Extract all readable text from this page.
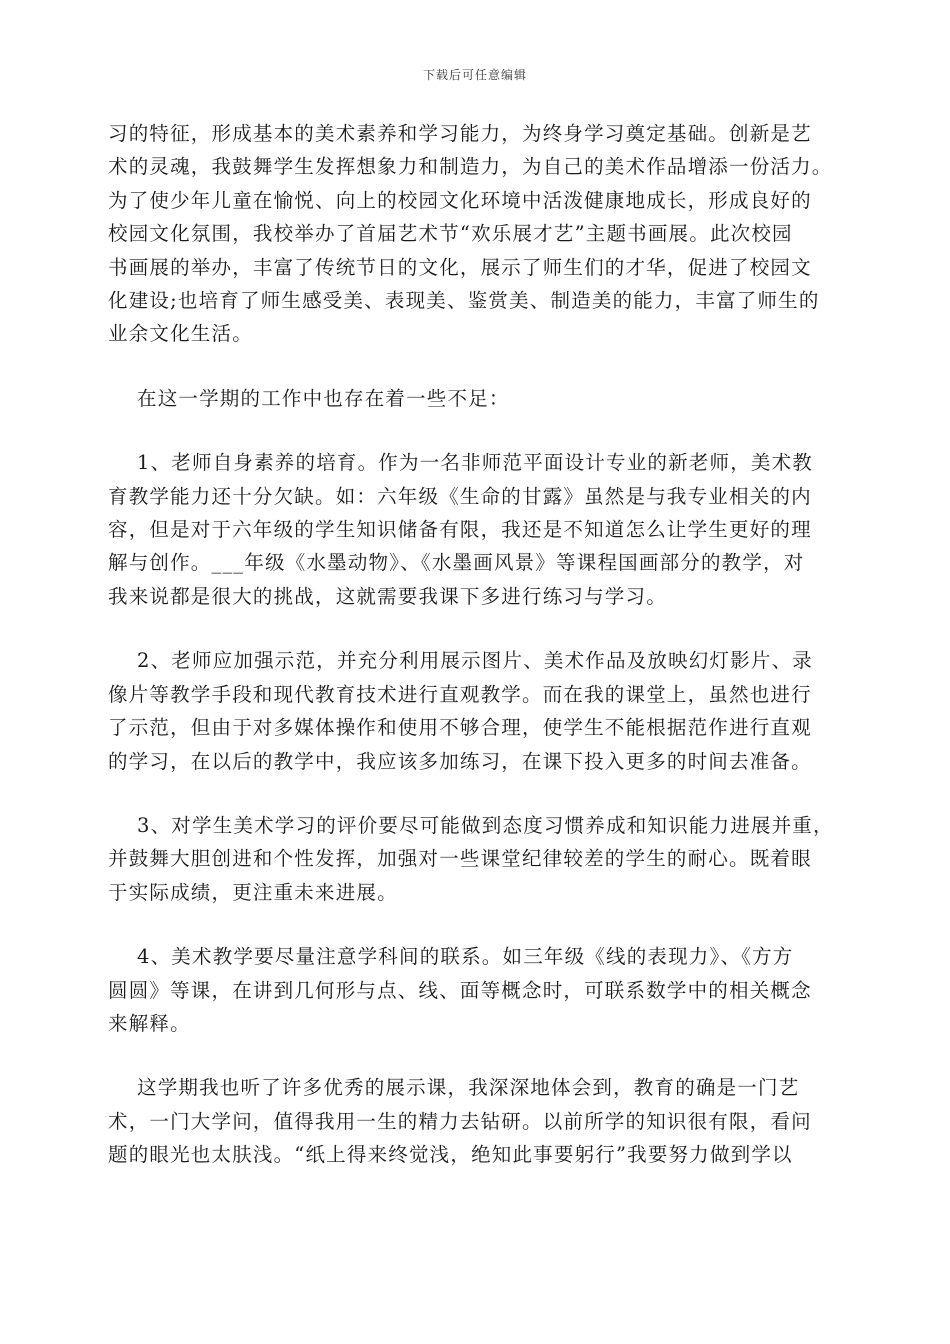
下载后可任意编辑

习的特征，形成基本的美术素养和学习能力，为终身学习奠定基础。创新是艺
术的灵魂，我鼓舞学生发挥想象力和制造力，为自己的美术作品增添一份活力。
为了使少年儿童在愉悦、向上的校园文化环境中活泼健康地成长，形成良好的
校园文化氛围，我校举办了首届艺术节“欢乐展才艺”主题书画展。此次校园
书画展的举办，丰富了传统节日的文化，展示了师生们的才华，促进了校园文
化建设;也培育了师生感受美、表现美、鉴赏美、制造美的能力，丰富了师生的
业余文化生活。

在这一学期的工作中也存在着一些不足：

1、老师自身素养的培育。作为一名非师范平面设计专业的新老师，美术教
育教学能力还十分欠缺。如：六年级《生命的甘露》虽然是与我专业相关的内
容，但是对于六年级的学生知识储备有限，我还是不知道怎么让学生更好的理
解与创作。___年级《水墨动物》、《水墨画风景》等课程国画部分的教学，对
我来说都是很大的挑战，这就需要我课下多进行练习与学习。

2、老师应加强示范，并充分利用展示图片、美术作品及放映幻灯影片、录
像片等教学手段和现代教育技术进行直观教学。而在我的课堂上，虽然也进行
了示范，但由于对多媒体操作和使用不够合理，使学生不能根据范作进行直观
的学习，在以后的教学中，我应该多加练习，在课下投入更多的时间去准备。

3、对学生美术学习的评价要尽可能做到态度习惯养成和知识能力进展并重，
并鼓舞大胆创进和个性发挥，加强对一些课堂纪律较差的学生的耐心。既着眼
于实际成绩，更注重未来进展。

4、美术教学要尽量注意学科间的联系。如三年级《线的表现力》、《方方
圆圆》等课，在讲到几何形与点、线、面等概念时，可联系数学中的相关概念
来解释。

这学期我也听了许多优秀的展示课，我深深地体会到，教育的确是一门艺
术，一门大学问，值得我用一生的精力去钻研。以前所学的知识很有限，看问
题的眼光也太肤浅。“纸上得来终觉浅，绝知此事要躬行”我要努力做到学以
